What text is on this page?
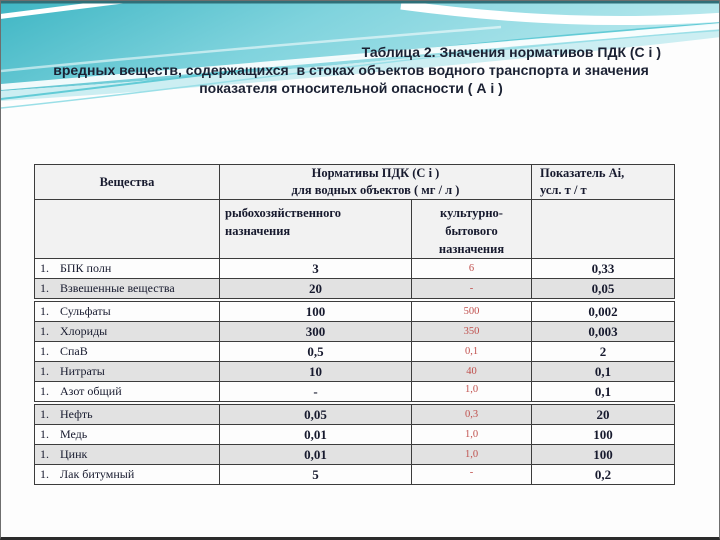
Таблица 2. Значения нормативов ПДК (С i )
вредных веществ, содержащихся  в стоках объектов водного транспорта и значения
показателя относительной опасности ( А i )
Вещества	
Нормативы ПДК (С i )
для водных объектов ( мг / л )

Показатель Аi,
усл. т / т

рыбохозяйственного
назначения

культурно-бытового
назначения

1. БПК полн	3	6	0,33
1. Взвешенные вещества	20	-	0,05
1. Сульфаты	100	500	0,002
1. Хлориды	300	350	0,003
1. СпаВ	0,5	0,1	2
1. Нитраты	10	40	0,1
1. Азот общий	-	1,0	0,1
1. Нефть	0,05	0,3	20
1. Медь	0,01	1,0	100
1. Цинк	0,01	1,0	100
1. Лак битумный	5	-	0,2
